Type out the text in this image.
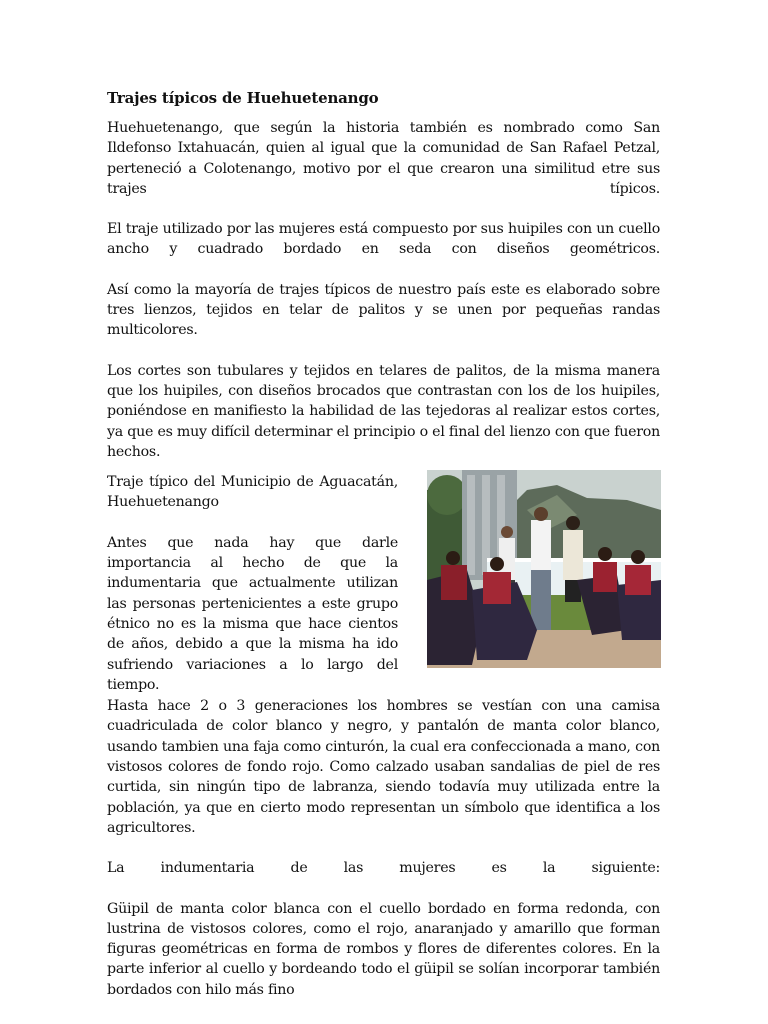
Trajes típicos de Huehuetenango

Huehuetenango, que según la historia también es nombrado como San Ildefonso Ixtahuacán, quien al igual que la comunidad de San Rafael Petzal, perteneció a Colotenango, motivo por el que crearon una similitud etre sus trajes típicos.

El traje utilizado por las mujeres está compuesto por sus huipiles con un cuello ancho y cuadrado bordado en seda con diseños geométricos.

Así como la mayoría de trajes típicos de nuestro país este es elaborado sobre tres lienzos, tejidos en telar de palitos y se unen por pequeñas randas multicolores.

Los cortes son tubulares y tejidos en telares de palitos, de la misma manera que los huipiles, con diseños brocados que contrastan con los de los huipiles, poniéndose en manifiesto la habilidad de las tejedoras al realizar estos cortes, ya que es muy difícil determinar el principio o el final del lienzo con que fueron hechos.

Traje típico del Municipio de Aguacatán, Huehuetenango

Antes que nada hay que darle importancia al hecho de que la indumentaria que actualmente utilizan las personas pertenicientes a este grupo étnico no es la misma que hace cientos de años, debido a que la misma ha ido sufriendo variaciones a lo largo del tiempo.

Hasta hace 2 o 3 generaciones los hombres se vestían con una camisa cuadriculada de color blanco y negro, y pantalón de manta color blanco, usando tambien una faja como cinturón, la cual era confeccionada a mano, con vistosos colores de fondo rojo. Como calzado usaban sandalias de piel de res curtida, sin ningún tipo de labranza, siendo todavía muy utilizada entre la población, ya que en cierto modo representan un símbolo que identifica a los agricultores.

La indumentaria de las mujeres es la siguiente:

Güipil de manta color blanca con el cuello bordado en forma redonda, con lustrina de vistosos colores, como el rojo, anaranjado y amarillo que forman figuras geométricas en forma de rombos y flores de diferentes colores. En la parte inferior al cuello y bordeando todo el güipil se solían incorporar también bordados con hilo más fino
